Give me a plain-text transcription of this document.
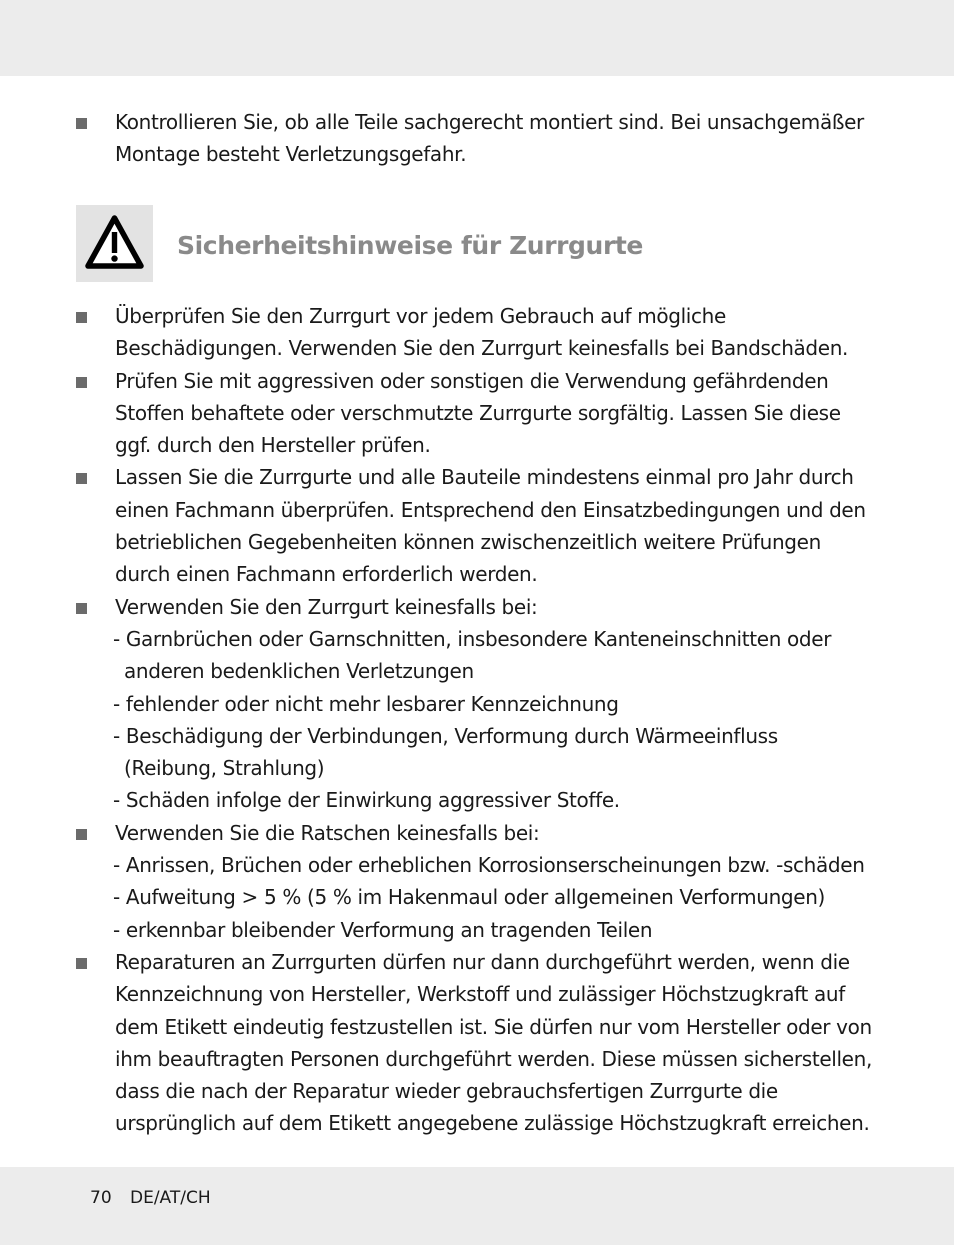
Kontrollieren Sie, ob alle Teile sachgerecht montiert sind. Bei unsachgemäßer Montage besteht Verletzungsgefahr.
Sicherheitshinweise für Zurrgurte
Überprüfen Sie den Zurrgurt vor jedem Gebrauch auf mögliche Beschädigungen. Verwenden Sie den Zurrgurt keinesfalls bei Bandschäden.
Prüfen Sie mit aggressiven oder sonstigen die Verwendung gefährdenden Stoffen behaftete oder verschmutzte Zurrgurte sorgfältig. Lassen Sie diese ggf. durch den Hersteller prüfen.
Lassen Sie die Zurrgurte und alle Bauteile mindestens einmal pro Jahr durch einen Fachmann überprüfen. Entsprechend den Einsatzbedingungen und den betrieblichen Gegebenheiten können zwischenzeitlich weitere Prüfungen durch einen Fachmann erforderlich werden.
Verwenden Sie den Zurrgurt keinesfalls bei:
- Garnbrüchen oder Garnschnitten, insbesondere Kanteneinschnitten oder anderen bedenklichen Verletzungen
- fehlender oder nicht mehr lesbarer Kennzeichnung
- Beschädigung der Verbindungen, Verformung durch Wärmeeinfluss (Reibung, Strahlung)
- Schäden infolge der Einwirkung aggressiver Stoffe.
Verwenden Sie die Ratschen keinesfalls bei:
- Anrissen, Brüchen oder erheblichen Korrosionserscheinungen bzw. -schäden
- Aufweitung > 5 % (5 % im Hakenmaul oder allgemeinen Verformungen)
- erkennbar bleibender Verformung an tragenden Teilen
Reparaturen an Zurrgurten dürfen nur dann durchgeführt werden, wenn die Kennzeichnung von Hersteller, Werkstoff und zulässiger Höchstzugkraft auf dem Etikett eindeutig festzustellen ist. Sie dürfen nur vom Hersteller oder von ihm beauftragten Personen durchgeführt werden. Diese müssen sicherstellen, dass die nach der Reparatur wieder gebrauchsfertigen Zurrgurte die ursprünglich auf dem Etikett angegebene zulässige Höchstzugkraft erreichen.
70 DE/AT/CH
